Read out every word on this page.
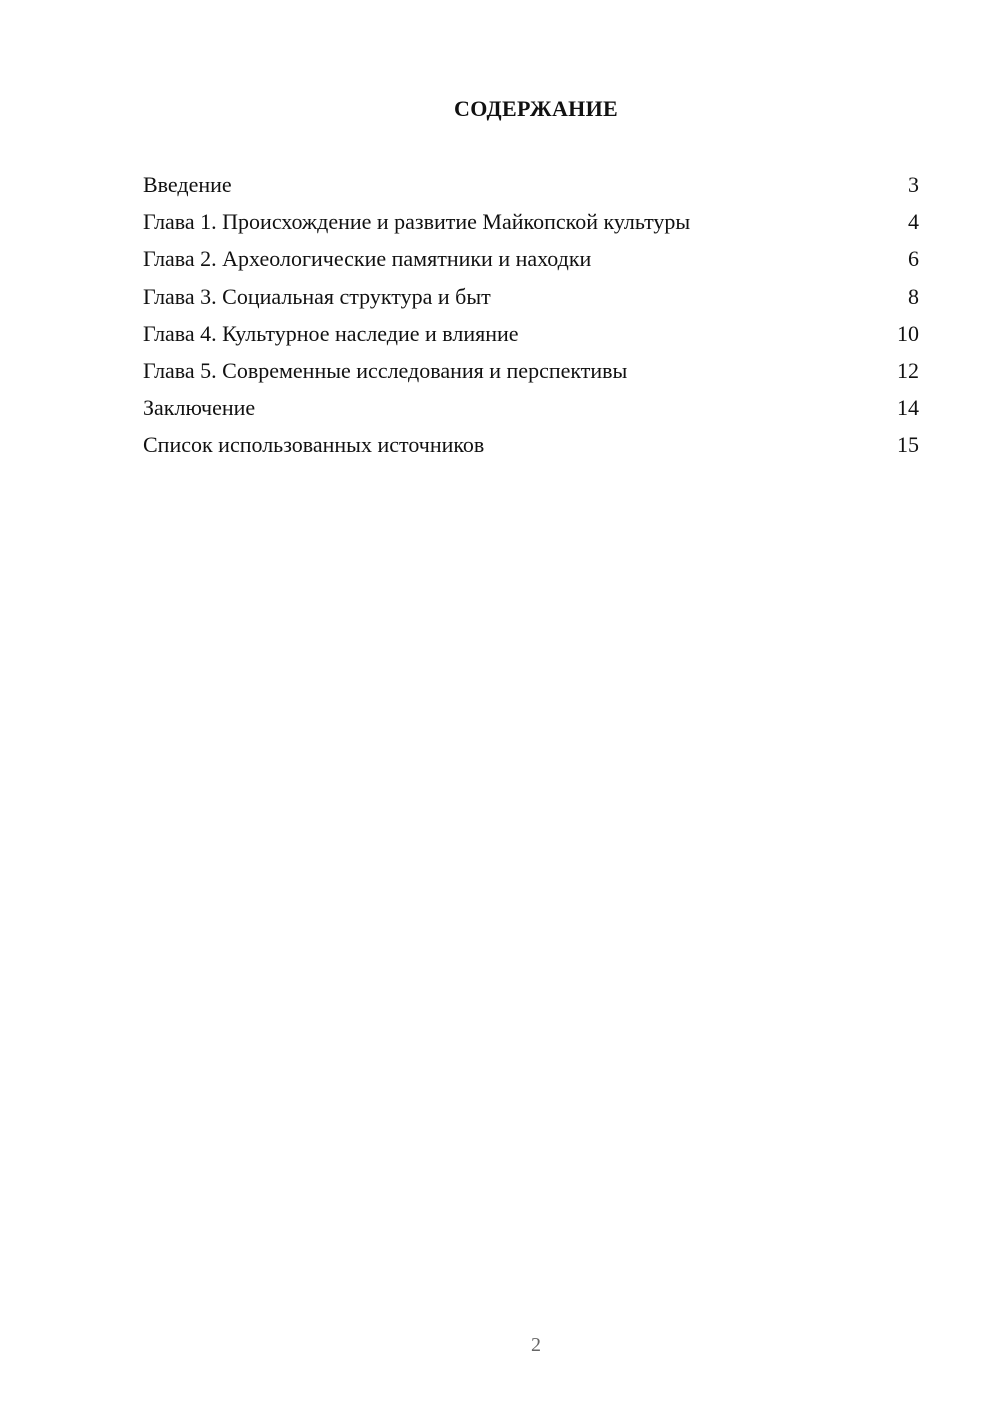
СОДЕРЖАНИЕ
Введение	3
Глава 1. Происхождение и развитие Майкопской культуры	4
Глава 2. Археологические памятники и находки	6
Глава 3. Социальная структура и быт	8
Глава 4. Культурное наследие и влияние	10
Глава 5. Современные исследования и перспективы	12
Заключение	14
Список использованных источников	15
2
